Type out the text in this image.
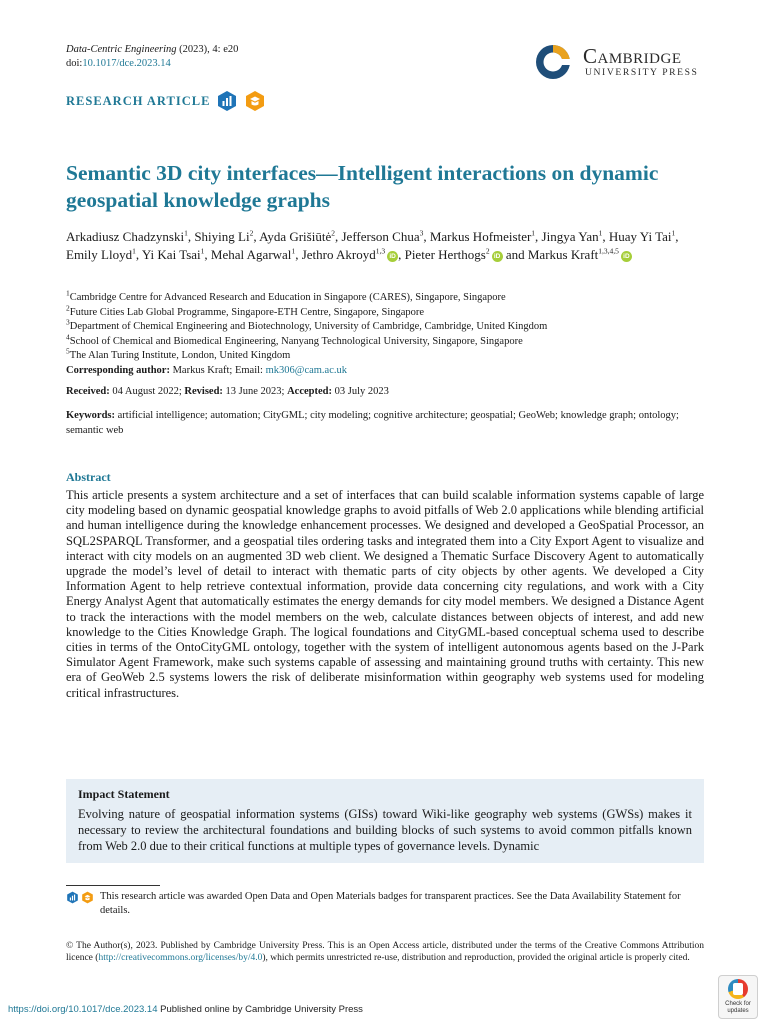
Data-Centric Engineering (2023), 4: e20
doi:10.1017/dce.2023.14	Cambridge
UNIVERSITY PRESS
RESEARCH ARTICLE
Semantic 3D city interfaces—Intelligent interactions on dynamic geospatial knowledge graphs
Arkadiusz Chadzynski$^1$, Shiying Li$^2$, Ayda Grišiūtė$^2$, Jefferson Chua$^3$, Markus Hofmeister$^1$, Jingya Yan$^1$, Huay Yi Tai$^1$, Emily Lloyd$^1$, Yi Kai Tsai$^1$, Mehal Agarwal$^1$, Jethro Akroyd$^{1,3}$iD , Pieter Herthogs$^2$iD and Markus Kraft$^{1,3,4,5}$iD
$^1$Cambridge Centre for Advanced Research and Education in Singapore (CARES), Singapore, Singapore
$^2$Future Cities Lab Global Programme, Singapore-ETH Centre, Singapore, Singapore
$^3$Department of Chemical Engineering and Biotechnology, University of Cambridge, Cambridge, United Kingdom
$^4$School of Chemical and Biomedical Engineering, Nanyang Technological University, Singapore, Singapore
$^5$The Alan Turing Institute, London, United Kingdom
Corresponding author: Markus Kraft; Email: mk306@cam.ac.uk
Received: 04 August 2022; Revised: 13 June 2023; Accepted: 03 July 2023
Keywords: artificial intelligence; automation; CityGML; city modeling; cognitive architecture; geospatial; GeoWeb; knowledge graph; ontology; semantic web
Abstract

This article presents a system architecture and a set of interfaces that can build scalable information systems capable of large city modeling based on dynamic geospatial knowledge graphs to avoid pitfalls of Web 2.0 applications while blending artificial and human intelligence during the knowledge enhancement processes. We designed and developed a GeoSpatial Processor, an SQL2SPARQL Transformer, and a geospatial tiles ordering tasks and integrated them into a City Export Agent to visualize and interact with city models on an augmented 3D web client. We designed a Thematic Surface Discovery Agent to automatically upgrade the model’s level of detail to interact with thematic parts of city objects by other agents. We developed a City Information Agent to help retrieve contextual information, provide data concerning city regulations, and work with a City Energy Analyst Agent that automatically estimates the energy demands for city model members. We designed a Distance Agent to track the interactions with the model members on the web, calculate distances between objects of interest, and add new knowledge to the Cities Knowledge Graph. The logical foundations and CityGML-based conceptual schema used to describe cities in terms of the OntoCityGML ontology, together with the system of intelligent autonomous agents based on the J-Park Simulator Agent Framework, make such systems capable of assessing and maintaining ground truths with certainty. This new era of GeoWeb 2.5 systems lowers the risk of deliberate misinformation within geography web systems used for modeling critical infrastructures.

Impact Statement

Evolving nature of geospatial information systems (GISs) toward Wiki-like geography web systems (GWSs) makes it necessary to review the architectural foundations and building blocks of such systems to avoid common pitfalls known from Web 2.0 due to their critical functions at multiple types of governance levels. Dynamic

This research article was awarded Open Data and Open Materials badges for transparent practices. See the Data Availability Statement for details.

© The Author(s), 2023. Published by Cambridge University Press. This is an Open Access article, distributed under the terms of the Creative Commons Attribution licence (http://creativecommons.org/licenses/by/4.0), which permits unrestricted re-use, distribution and reproduction, provided the original article is properly cited.

https://doi.org/10.1017/dce.2023.14 Published online by Cambridge University Press	Check for
updates
